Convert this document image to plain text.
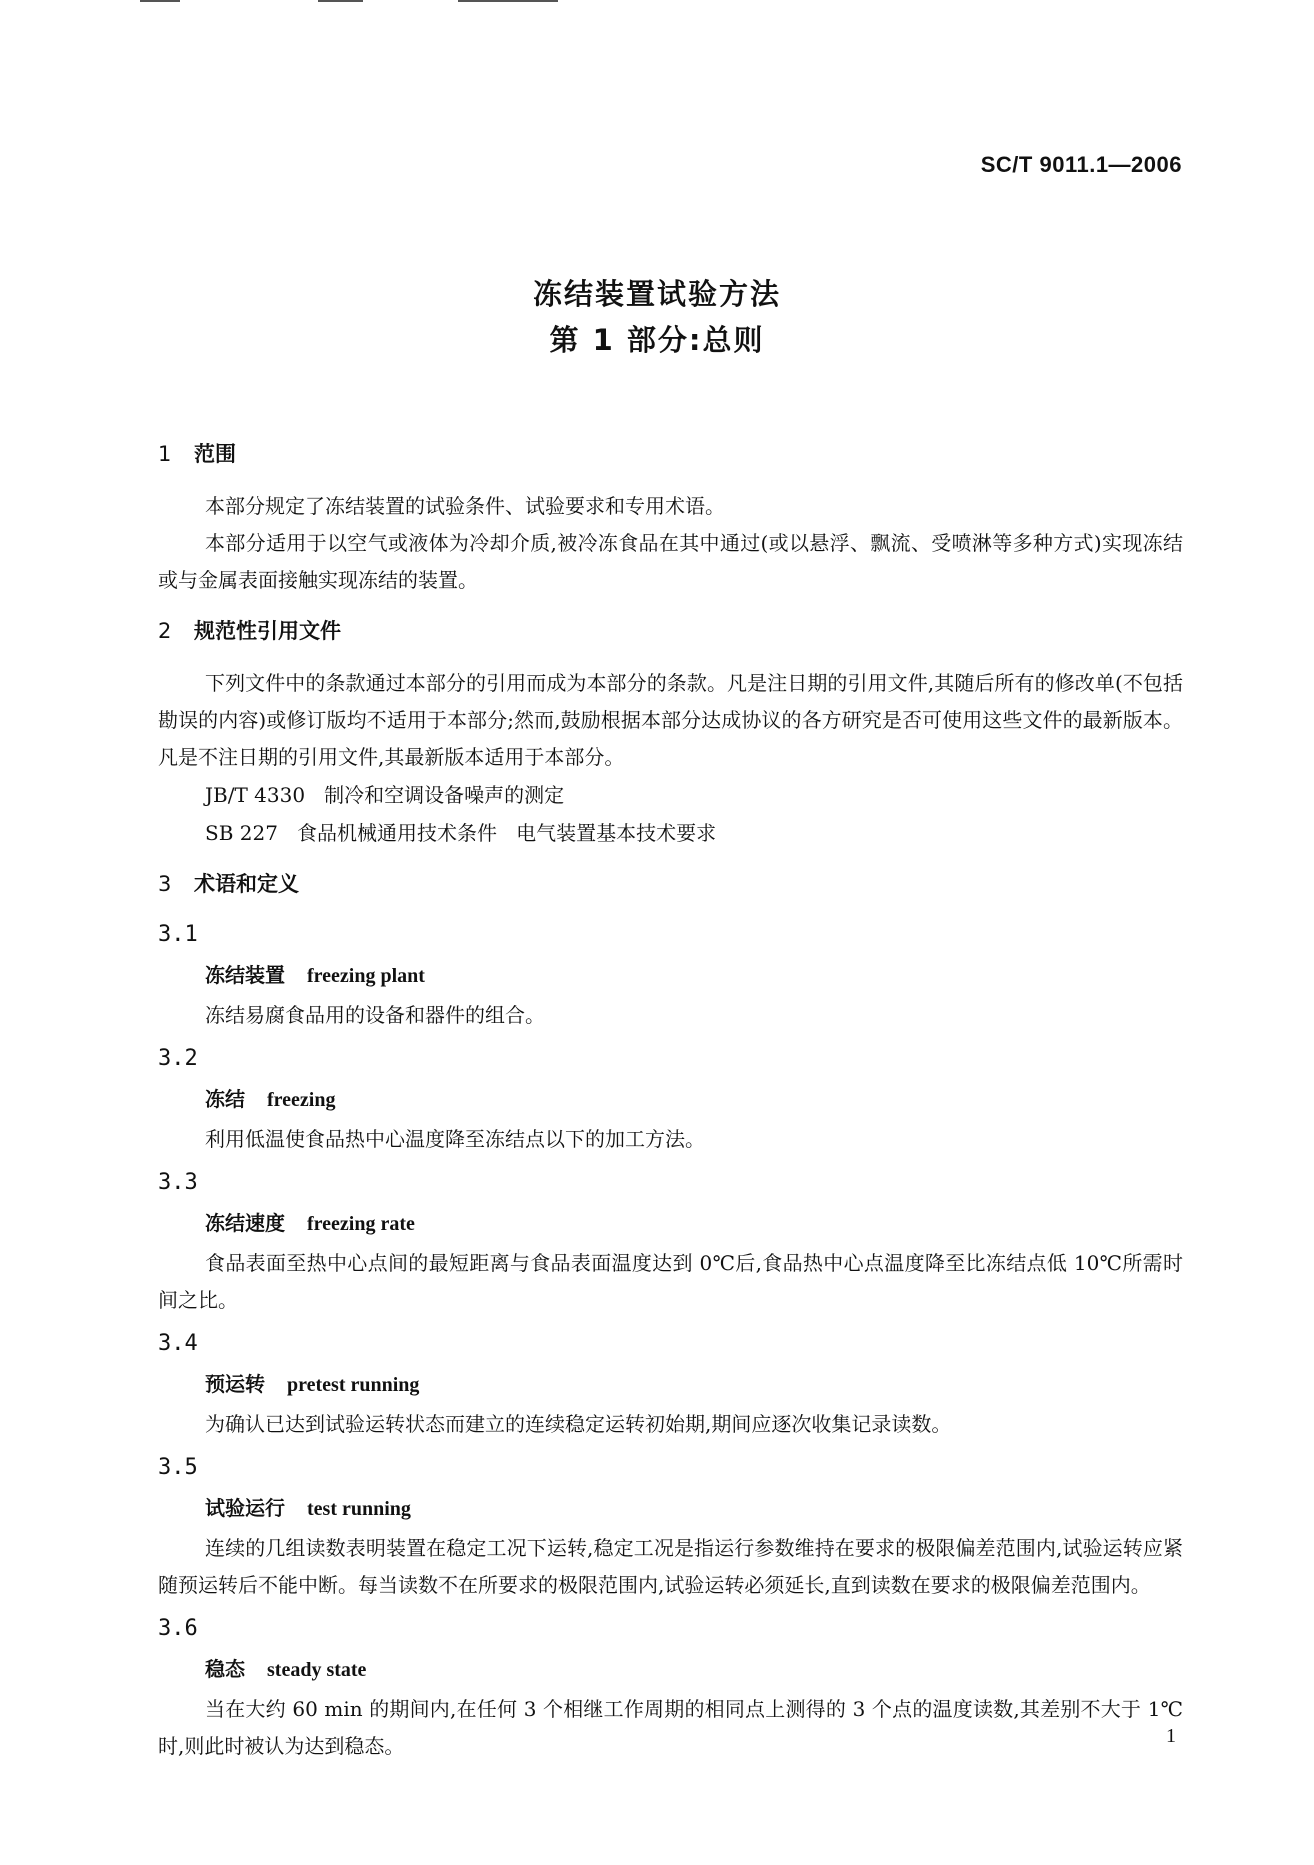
SC/T 9011.1—2006
冻结装置试验方法
第 1 部分:总则
1 范围

本部分规定了冻结装置的试验条件、试验要求和专用术语。

本部分适用于以空气或液体为冷却介质,被冷冻食品在其中通过(或以悬浮、飘流、受喷淋等多种方式)实现冻结或与金属表面接触实现冻结的装置。

2 规范性引用文件

下列文件中的条款通过本部分的引用而成为本部分的条款。凡是注日期的引用文件,其随后所有的修改单(不包括勘误的内容)或修订版均不适用于本部分;然而,鼓励根据本部分达成协议的各方研究是否可使用这些文件的最新版本。凡是不注日期的引用文件,其最新版本适用于本部分。

JB/T 4330   制冷和空调设备噪声的测定

SB 227   食品机械通用技术条件   电气装置基本技术要求

3 术语和定义
3.1
冻结装置 freezing plant

冻结易腐食品用的设备和器件的组合。

3.2
冻结 freezing

利用低温使食品热中心温度降至冻结点以下的加工方法。

3.3
冻结速度 freezing rate

食品表面至热中心点间的最短距离与食品表面温度达到 0℃后,食品热中心点温度降至比冻结点低 10℃所需时间之比。

3.4
预运转 pretest running

为确认已达到试验运转状态而建立的连续稳定运转初始期,期间应逐次收集记录读数。

3.5
试验运行 test running

连续的几组读数表明装置在稳定工况下运转,稳定工况是指运行参数维持在要求的极限偏差范围内,试验运转应紧随预运转后不能中断。每当读数不在所要求的极限范围内,试验运转必须延长,直到读数在要求的极限偏差范围内。

3.6
稳态 steady state

当在大约 60 min 的期间内,在任何 3 个相继工作周期的相同点上测得的 3 个点的温度读数,其差别不大于 1℃时,则此时被认为达到稳态。	1
